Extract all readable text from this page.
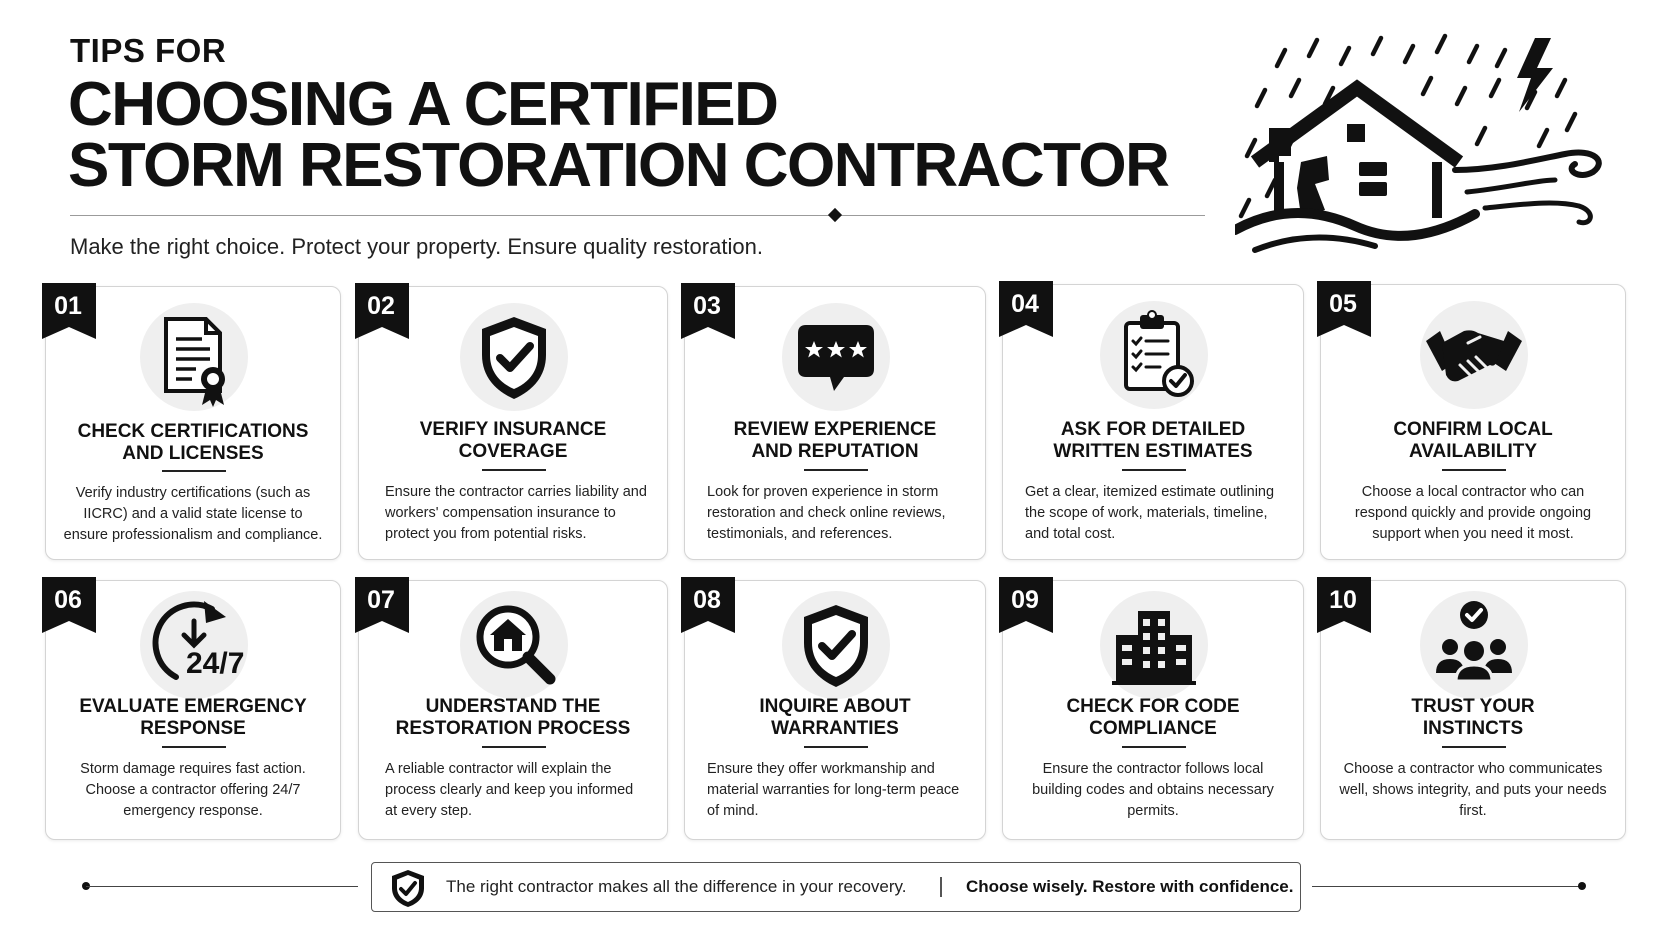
TIPS FOR
CHOOSING A CERTIFIED
STORM RESTORATION CONTRACTOR
Make the right choice. Protect your property. Ensure quality restoration.
01
CHECK CERTIFICATIONS AND LICENSES
Verify industry certifications (such as IICRC) and a valid state license to ensure professionalism and compliance.
02
VERIFY INSURANCE COVERAGE
Ensure the contractor carries liability and workers' compensation insurance to protect you from potential risks.
03
REVIEW EXPERIENCE AND REPUTATION
Look for proven experience in storm restoration and check online reviews, testimonials, and references.
04
ASK FOR DETAILED WRITTEN ESTIMATES
Get a clear, itemized estimate outlining the scope of work, materials, timeline, and total cost.
05
CONFIRM LOCAL AVAILABILITY
Choose a local contractor who can respond quickly and provide ongoing support when you need it most.
06
24/7
EVALUATE EMERGENCY RESPONSE
Storm damage requires fast action. Choose a contractor offering 24/7 emergency response.
07
UNDERSTAND THE RESTORATION PROCESS
A reliable contractor will explain the process clearly and keep you informed at every step.
08
INQUIRE ABOUT WARRANTIES
Ensure they offer workmanship and material warranties for long-term peace of mind.
09
CHECK FOR CODE COMPLIANCE
Ensure the contractor follows local building codes and obtains necessary permits.
10
TRUST YOUR INSTINCTS
Choose a contractor who communicates well, shows integrity, and puts your needs first.
The right contractor makes all the difference in your recovery.	Choose wisely. Restore with confidence.
